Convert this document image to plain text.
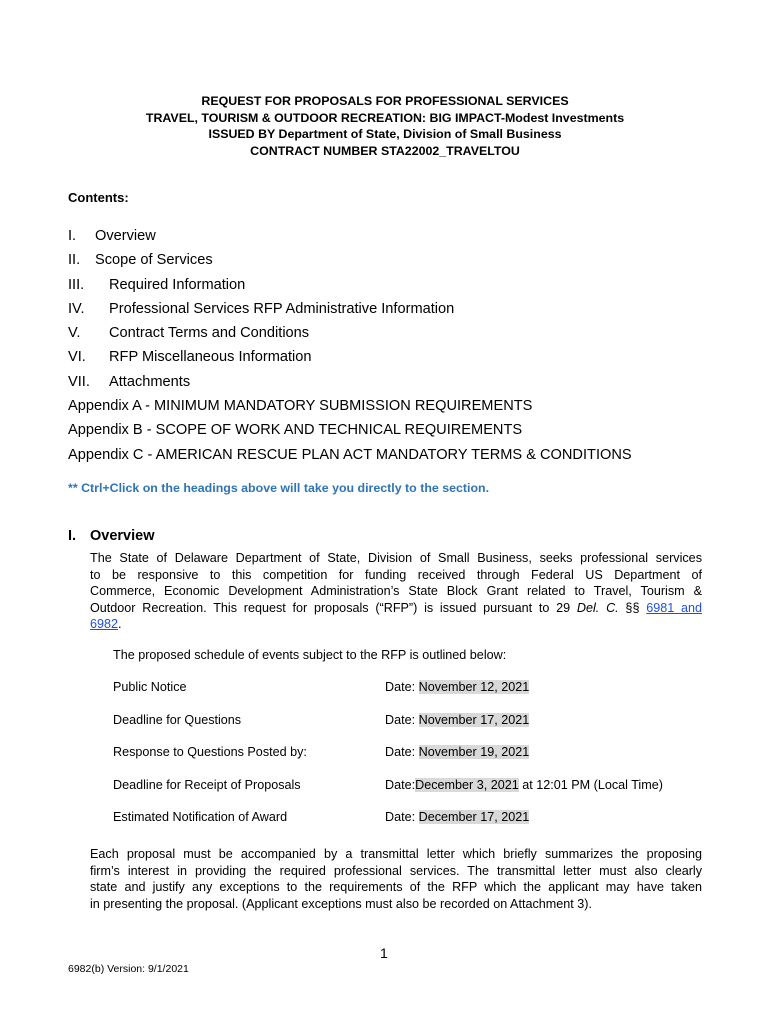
REQUEST FOR PROPOSALS FOR PROFESSIONAL SERVICES
TRAVEL, TOURISM & OUTDOOR RECREATION: BIG IMPACT-Modest Investments
ISSUED BY Department of State, Division of Small Business
CONTRACT NUMBER STA22002_TRAVELTOU
Contents:
I. Overview
II. Scope of Services
III. Required Information
IV. Professional Services RFP Administrative Information
V. Contract Terms and Conditions
VI. RFP Miscellaneous Information
VII. Attachments
Appendix A - MINIMUM MANDATORY SUBMISSION REQUIREMENTS
Appendix B - SCOPE OF WORK AND TECHNICAL REQUIREMENTS
Appendix C - AMERICAN RESCUE PLAN ACT MANDATORY TERMS & CONDITIONS
** Ctrl+Click on the headings above will take you directly to the section.
I. Overview
The State of Delaware Department of State, Division of Small Business, seeks professional services
to be responsive to this competition for funding received through Federal US Department of
Commerce, Economic Development Administration’s State Block Grant related to Travel, Tourism &
Outdoor Recreation. This request for proposals (“RFP”) is issued pursuant to 29 Del. C. §§ 6981 and
6982.
The proposed schedule of events subject to the RFP is outlined below:
Public Notice	Date: November 12, 2021
Deadline for Questions	Date: November 17, 2021
Response to Questions Posted by:	Date: November 19, 2021
Deadline for Receipt of Proposals	Date:December 3, 2021 at 12:01 PM (Local Time)
Estimated Notification of Award	Date: December 17, 2021
Each proposal must be accompanied by a transmittal letter which briefly summarizes the proposing
firm’s interest in providing the required professional services. The transmittal letter must also clearly
state and justify any exceptions to the requirements of the RFP which the applicant may have taken
in presenting the proposal. (Applicant exceptions must also be recorded on Attachment 3).
1
6982(b) Version: 9/1/2021
